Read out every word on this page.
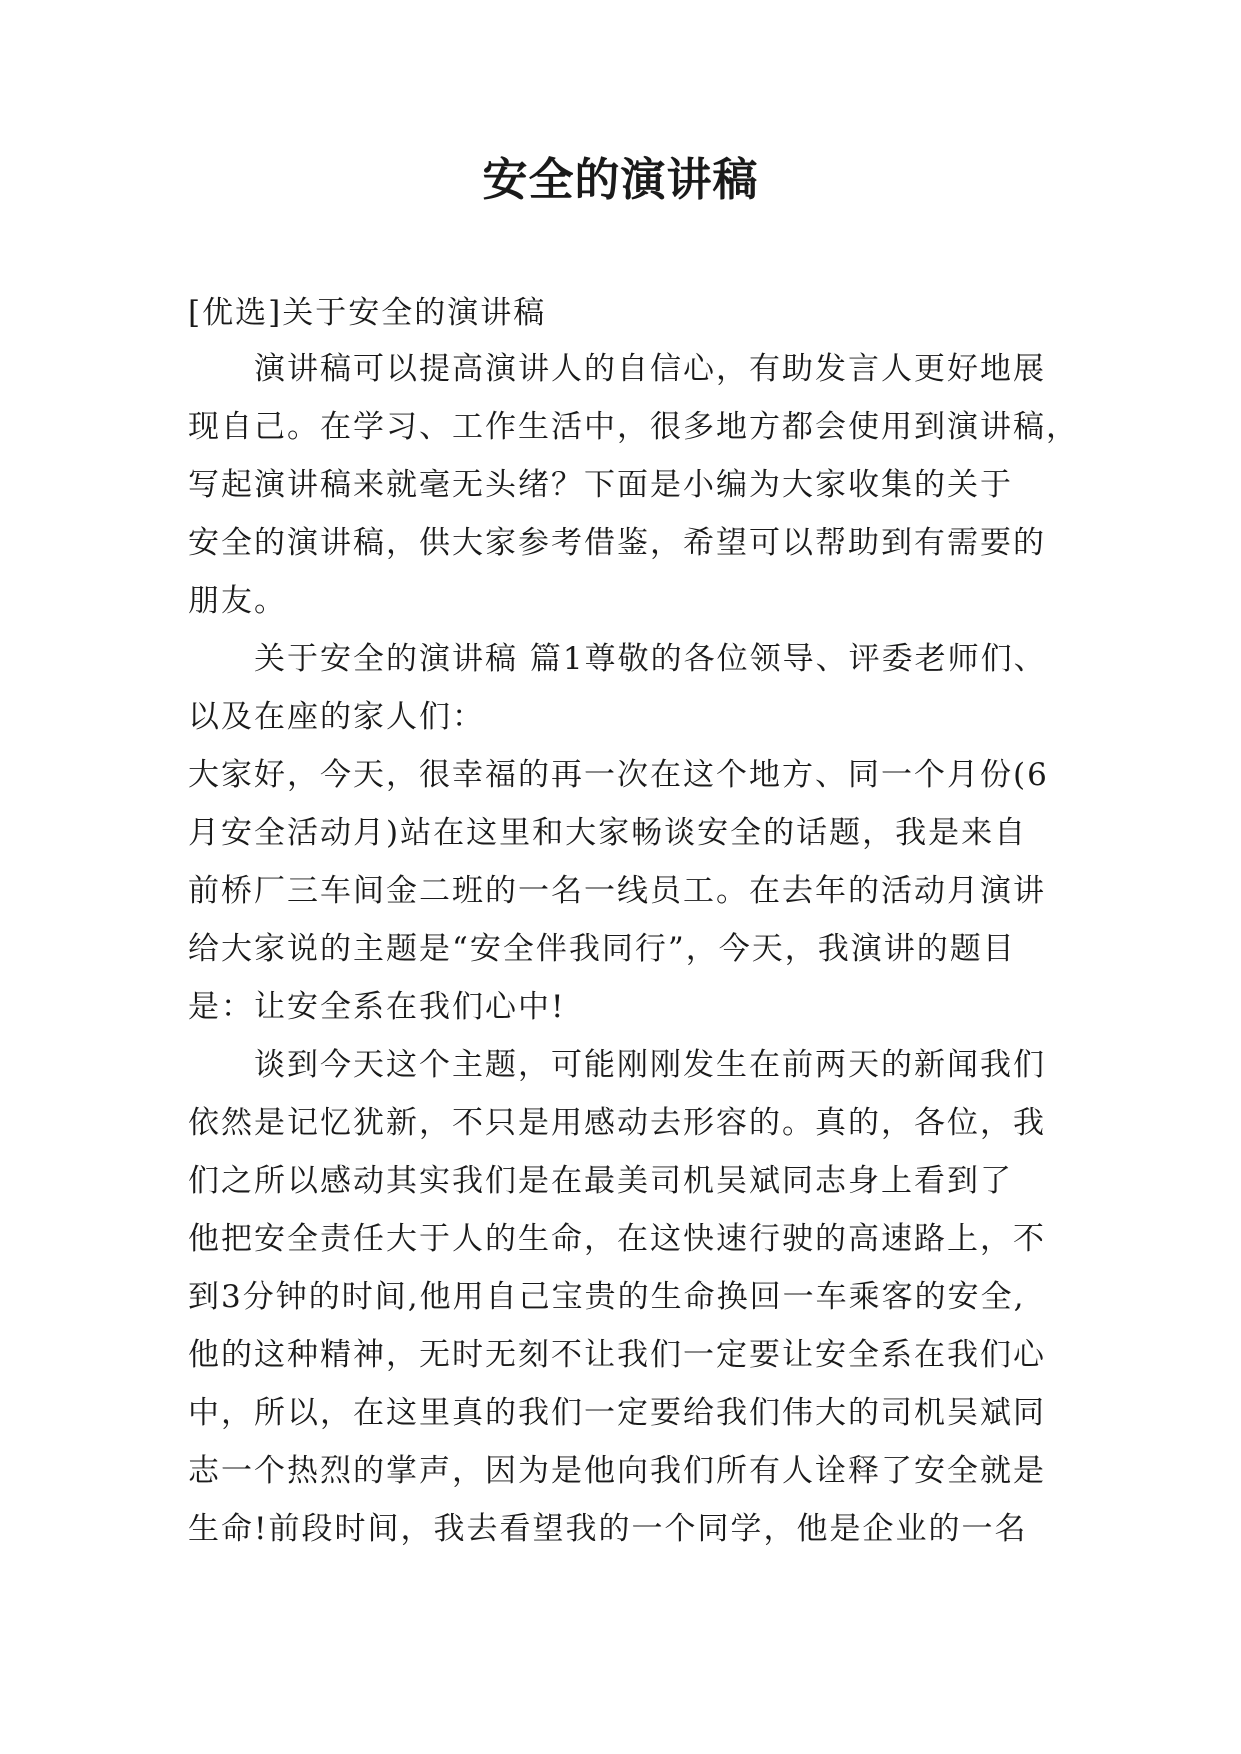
安全的演讲稿
[优选]关于安全的演讲稿
　　演讲稿可以提高演讲人的自信心，有助发言人更好地展
现自己。在学习、工作生活中，很多地方都会使用到演讲稿，
写起演讲稿来就毫无头绪？下面是小编为大家收集的关于
安全的演讲稿，供大家参考借鉴，希望可以帮助到有需要的
朋友。
　　关于安全的演讲稿 篇1尊敬的各位领导、评委老师们、
以及在座的家人们：
大家好，今天，很幸福的再一次在这个地方、同一个月份(6
月安全活动月)站在这里和大家畅谈安全的话题，我是来自
前桥厂三车间金二班的一名一线员工。在去年的活动月演讲
给大家说的主题是“安全伴我同行”，今天，我演讲的题目
是：让安全系在我们心中!
　　谈到今天这个主题，可能刚刚发生在前两天的新闻我们
依然是记忆犹新，不只是用感动去形容的。真的，各位，我
们之所以感动其实我们是在最美司机吴斌同志身上看到了
他把安全责任大于人的生命，在这快速行驶的高速路上，不
到3分钟的时间,他用自己宝贵的生命换回一车乘客的安全,
他的这种精神，无时无刻不让我们一定要让安全系在我们心
中，所以，在这里真的我们一定要给我们伟大的司机吴斌同
志一个热烈的掌声，因为是他向我们所有人诠释了安全就是
生命!前段时间，我去看望我的一个同学，他是企业的一名
